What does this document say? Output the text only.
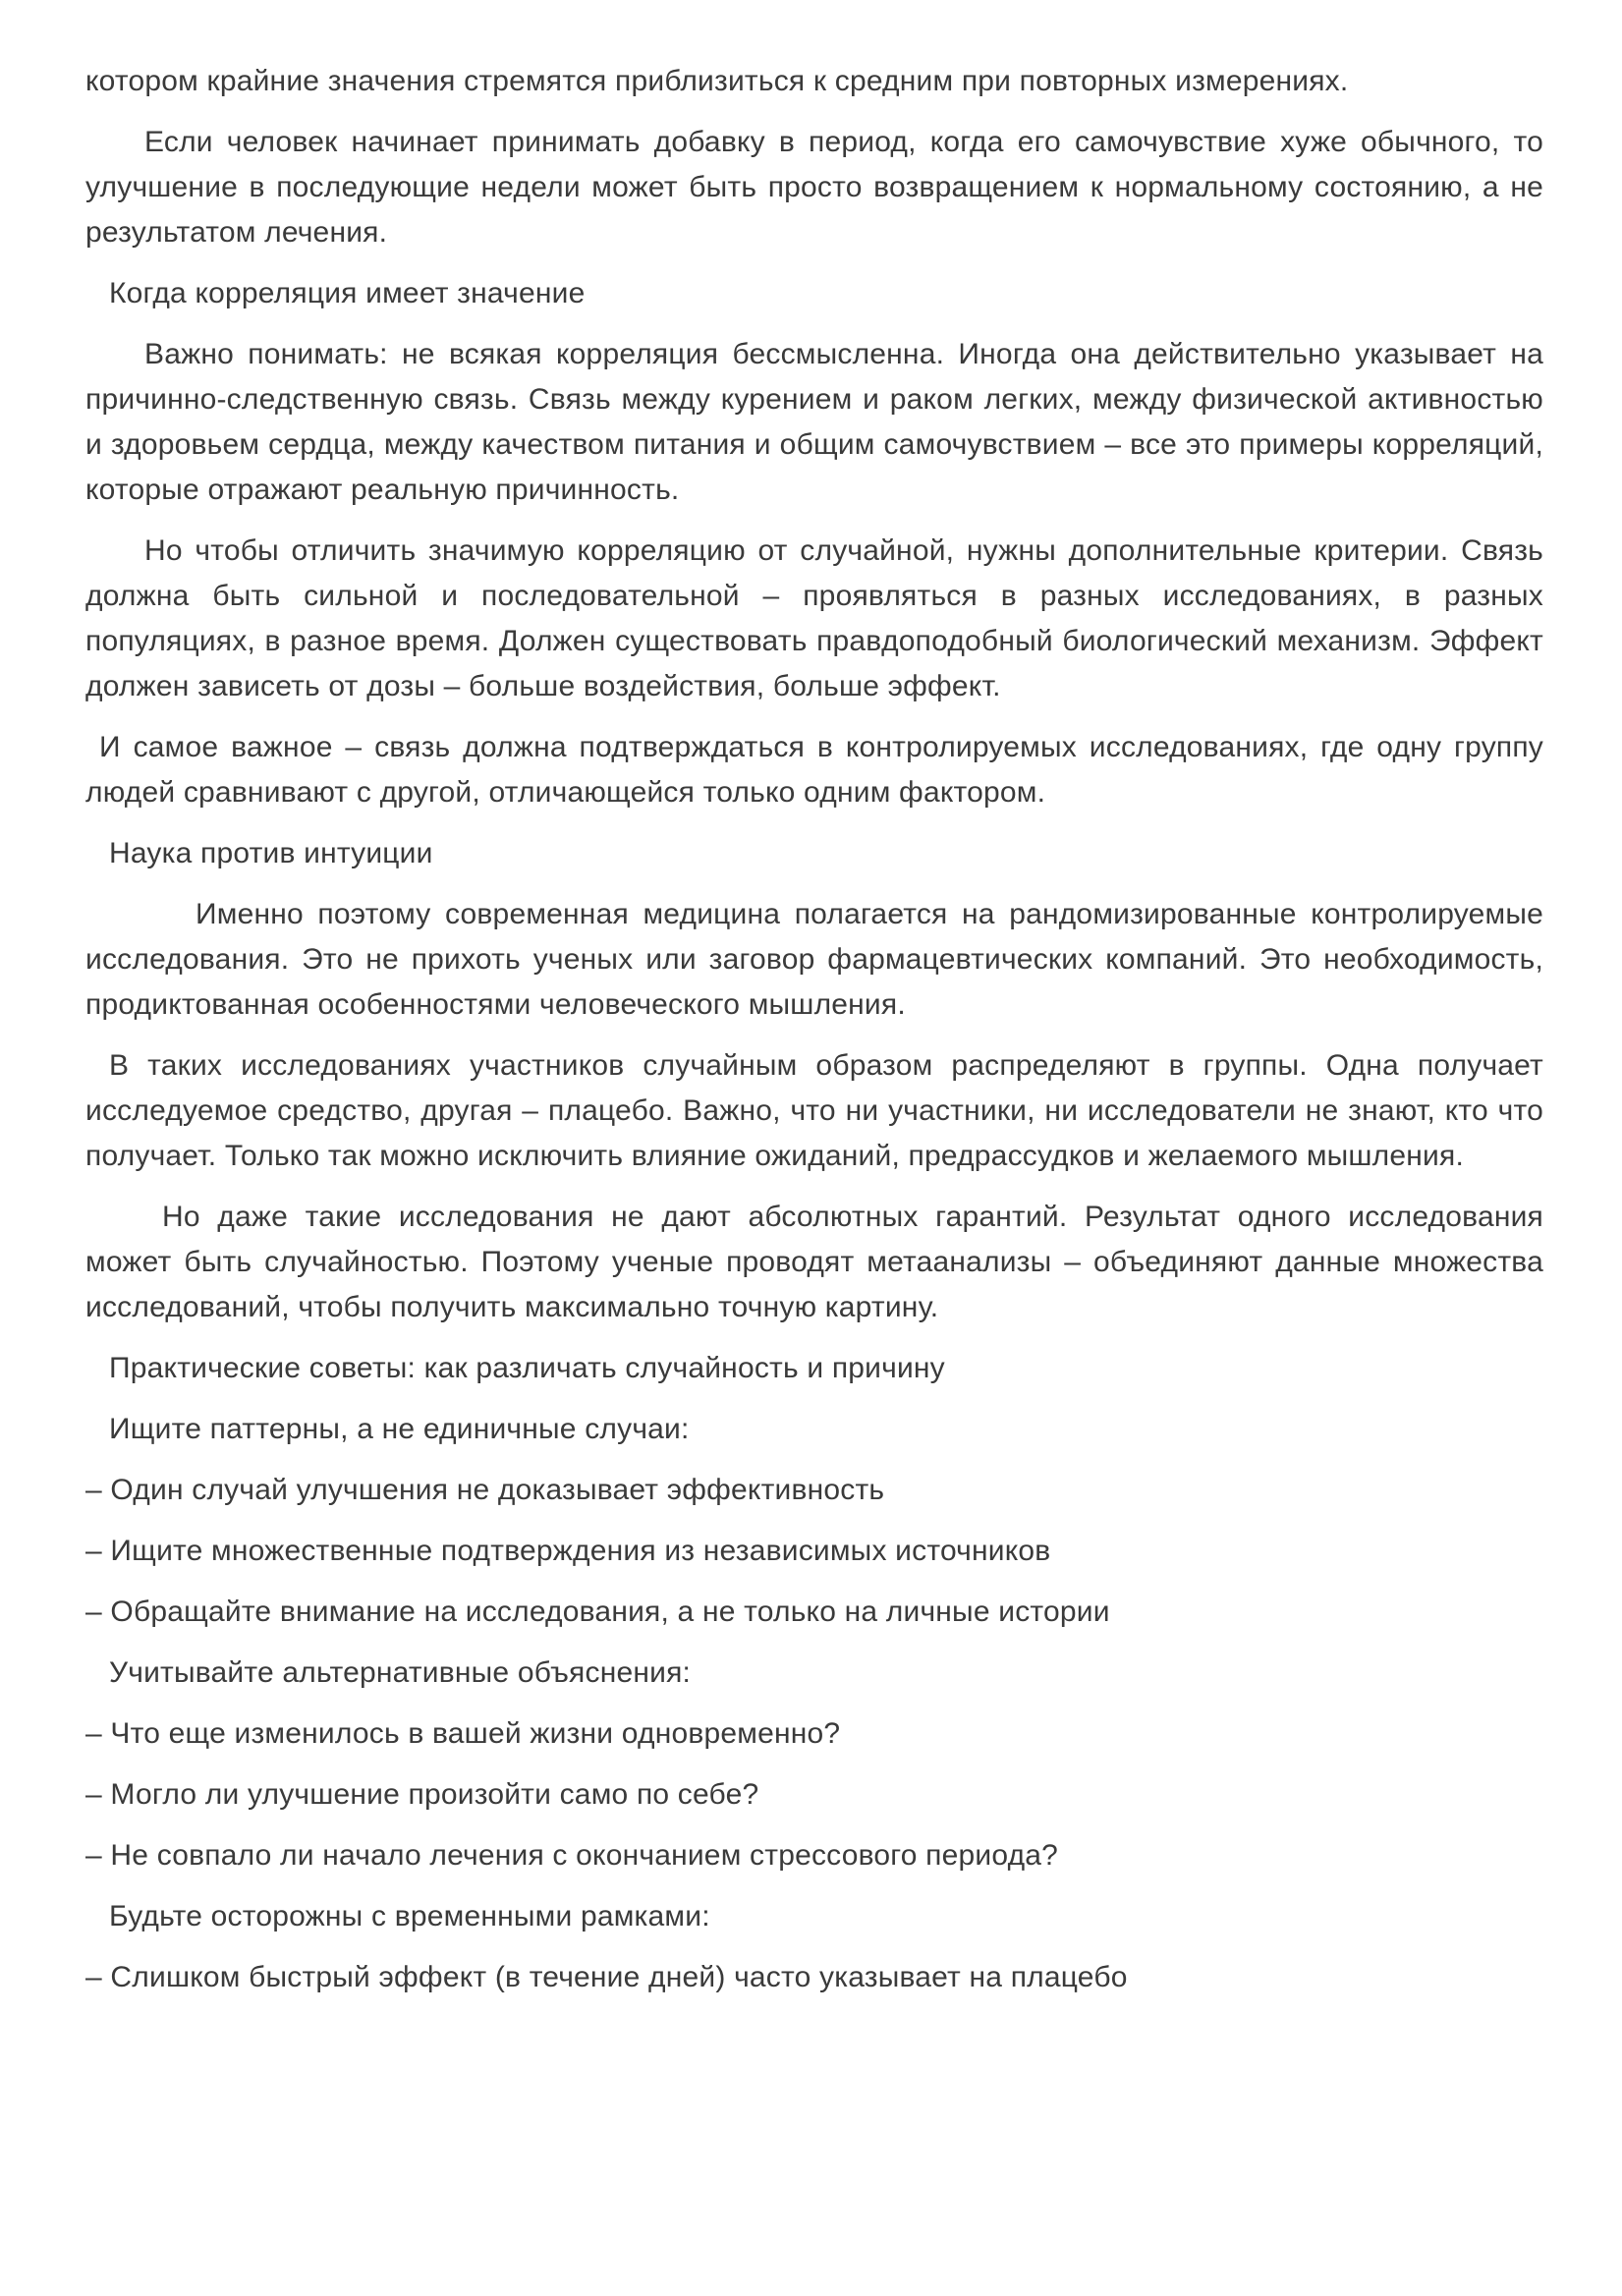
котором крайние значения стремятся приблизиться к средним при повторных измерениях.

Если человек начинает принимать добавку в период, когда его самочувствие хуже обычного, то улучшение в последующие недели может быть просто возвращением к нормальному состоянию, а не результатом лечения.

Когда корреляция имеет значение

Важно понимать: не всякая корреляция бессмысленна. Иногда она действительно указывает на причинно-следственную связь. Связь между курением и раком легких, между физической активностью и здоровьем сердца, между качеством питания и общим самочувствием – все это примеры корреляций, которые отражают реальную причинность.

Но чтобы отличить значимую корреляцию от случайной, нужны дополнительные критерии. Связь должна быть сильной и последовательной – проявляться в разных исследованиях, в разных популяциях, в разное время. Должен существовать правдоподобный биологический механизм. Эффект должен зависеть от дозы – больше воздействия, больше эффект.

И самое важное – связь должна подтверждаться в контролируемых исследованиях, где одну группу людей сравнивают с другой, отличающейся только одним фактором.

Наука против интуиции

Именно поэтому современная медицина полагается на рандомизированные контролируемые исследования. Это не прихоть ученых или заговор фармацевтических компаний. Это необходимость, продиктованная особенностями человеческого мышления.

В таких исследованиях участников случайным образом распределяют в группы. Одна получает исследуемое средство, другая – плацебо. Важно, что ни участники, ни исследователи не знают, кто что получает. Только так можно исключить влияние ожиданий, предрассудков и желаемого мышления.

Но даже такие исследования не дают абсолютных гарантий. Результат одного исследования может быть случайностью. Поэтому ученые проводят метаанализы – объединяют данные множества исследований, чтобы получить максимально точную картину.

Практические советы: как различать случайность и причину

Ищите паттерны, а не единичные случаи:

– Один случай улучшения не доказывает эффективность

– Ищите множественные подтверждения из независимых источников

– Обращайте внимание на исследования, а не только на личные истории

Учитывайте альтернативные объяснения:

– Что еще изменилось в вашей жизни одновременно?

– Могло ли улучшение произойти само по себе?

– Не совпало ли начало лечения с окончанием стрессового периода?

Будьте осторожны с временными рамками:

– Слишком быстрый эффект (в течение дней) часто указывает на плацебо
